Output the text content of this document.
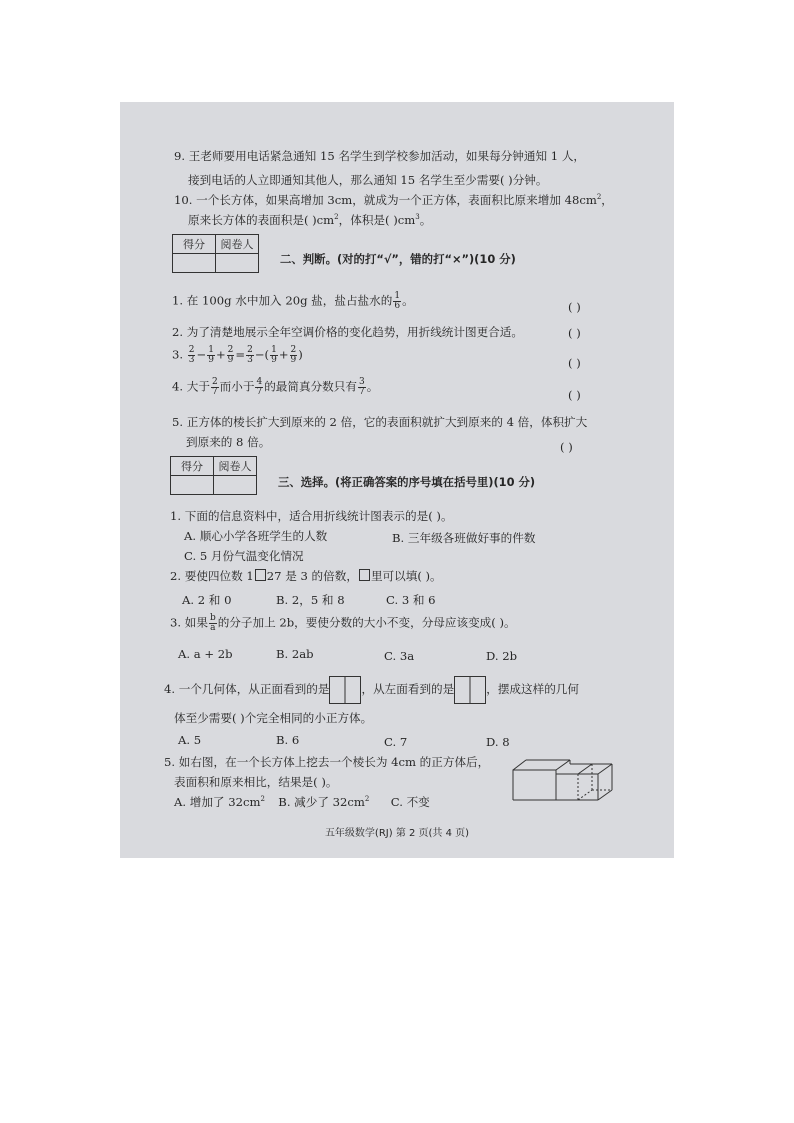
9. 王老师要用电话紧急通知 15 名学生到学校参加活动，如果每分钟通知 1 人，
接到电话的人立即通知其他人，那么通知 15 名学生至少需要( )分钟。
10. 一个长方体，如果高增加 3cm，就成为一个正方体，表面积比原来增加 $48cm^2$，
原来长方体的表面积是( )$cm^2$，体积是( )$cm^3$。
得分	阅卷人

二、判断。(对的打“√”，错的打“×”)(10 分)
1. 在 100g 水中加入 20g 盐，盐占盐水的 $\frac{1}{6}$ 。	( )
2. 为了清楚地展示全年空调价格的变化趋势，用折线统计图更合适。	( )
3. $\frac{2}{3} - \frac{1}{9} + \frac{2}{9} = \frac{2}{3}$ −( $\frac{1}{9} + \frac{2}{9}$ )
( )
4. 大于 $\frac{2}{7}$ 而小于 $\frac{4}{7}$ 的最简真分数只有 $\frac{3}{7}$ 。
( )
5. 正方体的棱长扩大到原来的 2 倍，它的表面积就扩大到原来的 4 倍，体积扩大
到原来的 8 倍。	( )
得分	阅卷人

三、选择。(将正确答案的序号填在括号里)(10 分)
1. 下面的信息资料中，适合用折线统计图表示的是( )。
A. 顺心小学各班学生的人数	B. 三年级各班做好事的件数
C. 5 月份气温变化情况
2. 要使四位数 1 27 是 3 的倍数， 里可以填( )。
A. 2 和 0	B. 2，5 和 8	C. 3 和 6
3. 如果 $\frac{b}{a}$ 的分子加上 2b，要使分数的大小不变，分母应该变成( )。
A. a + 2b	B. 2ab	C. 3a	D. 2b
4. 一个几何体，从正面看到的是	，从左面看到的是	，摆成这样的几何
体至少需要( )个完全相同的小正方体。
A. 5	B. 6	C. 7	D. 8
5. 如右图，在一个长方体上挖去一个棱长为 4cm 的正方体后，
表面积和原来相比，结果是( )。
A. 增加了 $32cm^2$ B. 减少了 $32cm^2$ C. 不变
五年级数学(RJ) 第 2 页(共 4 页)
